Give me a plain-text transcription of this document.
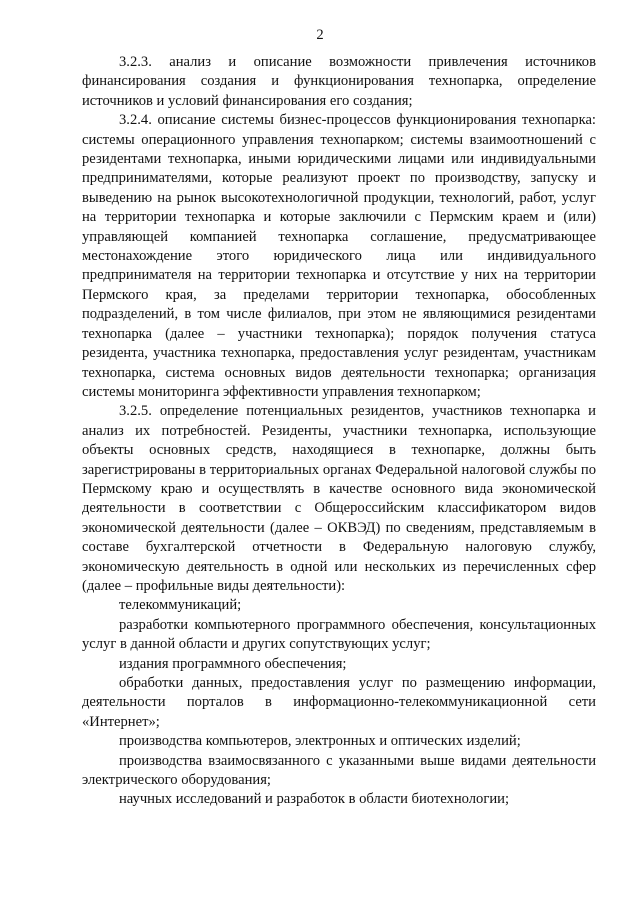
2

3.2.3. анализ и описание возможности привлечения источников финансирования создания и функционирования технопарка, определение источников и условий финансирования его создания;

3.2.4. описание системы бизнес-процессов функционирования технопарка: системы операционного управления технопарком; системы взаимоотношений с резидентами технопарка, иными юридическими лицами или индивидуальными предпринимателями, которые реализуют проект по производству, запуску и выведению на рынок высокотехнологичной продукции, технологий, работ, услуг на территории технопарка и которые заключили с Пермским краем и (или) управляющей компанией технопарка соглашение, предусматривающее местонахождение этого юридического лица или индивидуального предпринимателя на территории технопарка и отсутствие у них на территории Пермского края, за пределами территории технопарка, обособленных подразделений, в том числе филиалов, при этом не являющимися резидентами технопарка (далее – участники технопарка); порядок получения статуса резидента, участника технопарка, предоставления услуг резидентам, участникам технопарка, система основных видов деятельности технопарка; организация системы мониторинга эффективности управления технопарком;

3.2.5. определение потенциальных резидентов, участников технопарка и анализ их потребностей. Резиденты, участники технопарка, использующие объекты основных средств, находящиеся в технопарке, должны быть зарегистрированы в территориальных органах Федеральной налоговой службы по Пермскому краю и осуществлять в качестве основного вида экономической деятельности в соответствии с Общероссийским классификатором видов экономической деятельности (далее – ОКВЭД) по сведениям, представляемым в составе бухгалтерской отчетности в Федеральную налоговую службу, экономическую деятельность в одной или нескольких из перечисленных сфер (далее – профильные виды деятельности):

телекоммуникаций;

разработки компьютерного программного обеспечения, консультационных услуг в данной области и других сопутствующих услуг;

издания программного обеспечения;

обработки данных, предоставления услуг по размещению информации, деятельности порталов в информационно-телекоммуникационной сети «Интернет»;

производства компьютеров, электронных и оптических изделий;

производства взаимосвязанного с указанными выше видами деятельности электрического оборудования;

научных исследований и разработок в области биотехнологии;
